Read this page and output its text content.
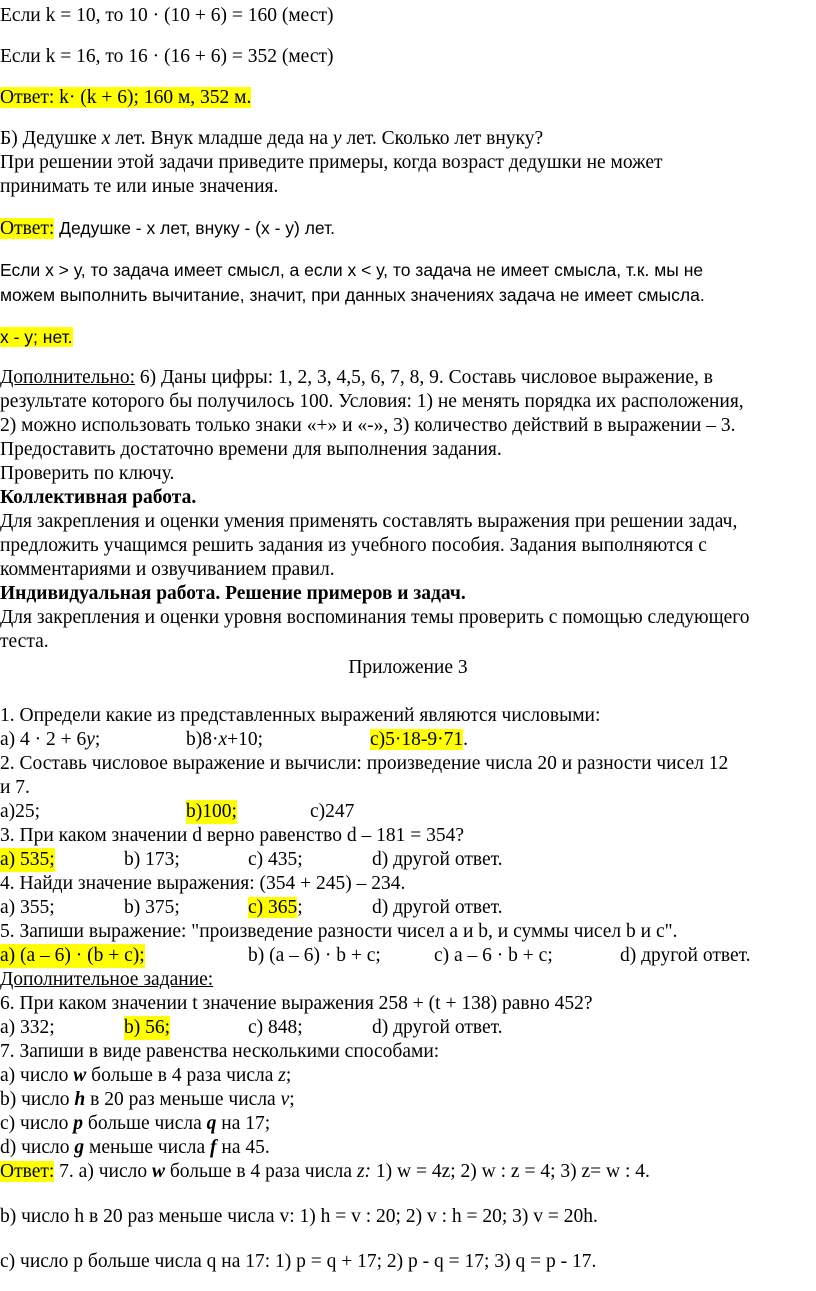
Если k = 10, то 10 · (10 + 6) = 160 (мест)
Если k = 16, то 16 · (16 + 6) = 352 (мест)
Ответ: k· (k + 6); 160 м, 352 м.
Б) Дедушке x лет. Внук младше деда на y лет. Сколько лет внуку?
При решении этой задачи приведите примеры, когда возраст дедушки не может
принимать те или иные значения.
Ответ: Дедушке - х лет, внуку - (х - у) лет.
Если х > у, то задача имеет смысл, а если х < у, то задача не имеет смысла, т.к. мы не
можем выполнить вычитание, значит, при данных значениях задача не имеет смысла.
х - у; нет.
Дополнительно: 6) Даны цифры: 1, 2, 3, 4,5, 6, 7, 8, 9. Составь числовое выражение, в
результате которого бы получилось 100. Условия: 1) не менять порядка их расположения,
2) можно использовать только знаки «+» и «-», 3) количество действий в выражении – 3.
Предоставить достаточно времени для выполнения задания.
Проверить по ключу.
Коллективная работа.
Для закрепления и оценки умения применять составлять выражения при решении задач,
предложить учащимся решить задания из учебного пособия. Задания выполняются с
комментариями и озвучиванием правил.
Индивидуальная работа. Решение примеров и задач.
Для закрепления и оценки уровня воспоминания темы проверить с помощью следующего
теста.
Приложение 3
1. Определи какие из представленных выражений являются числовыми:
а) 4 · 2 + 6y;	b)8·x+10;	c)5·18-9·71.
2. Составь числовое выражение и вычисли: произведение числа 20 и разности чисел 12
и 7.
а)25;	b)100;	c)247
3. При каком значении d верно равенство d – 181 = 354?
а) 535;	b) 173;	c) 435;	d) другой ответ.
4. Найди значение выражения: (354 + 245) – 234.
а) 355;	b) 375;	c) 365;	d) другой ответ.
5. Запиши выражение: "произведение разности чисел а и b, и суммы чисел b и с".
а) (а – 6) · (b + с);	b) (а – 6) · b + с;	c) а – 6 · b + с;	d) другой ответ.
Дополнительное задание:
6. При каком значении t значение выражения 258 + (t + 138) равно 452?
а) 332;	b) 56;	c) 848;	d) другой ответ.
7. Запиши в виде равенства несколькими способами:
а) число w больше в 4 раза числа z;
b) число h в 20 раз меньше числа v;
c) число p больше числа q на 17;
d) число g меньше числа f на 45.
Ответ: 7. а) число w больше в 4 раза числа z: 1) w = 4z; 2) w : z = 4; 3) z= w : 4.
b) число h в 20 раз меньше числа v: 1) h = v : 20; 2) v : h = 20; 3) v = 20h.
c) число p больше числа q на 17: 1) p = q + 17; 2) p - q = 17; 3) q = p - 17.
